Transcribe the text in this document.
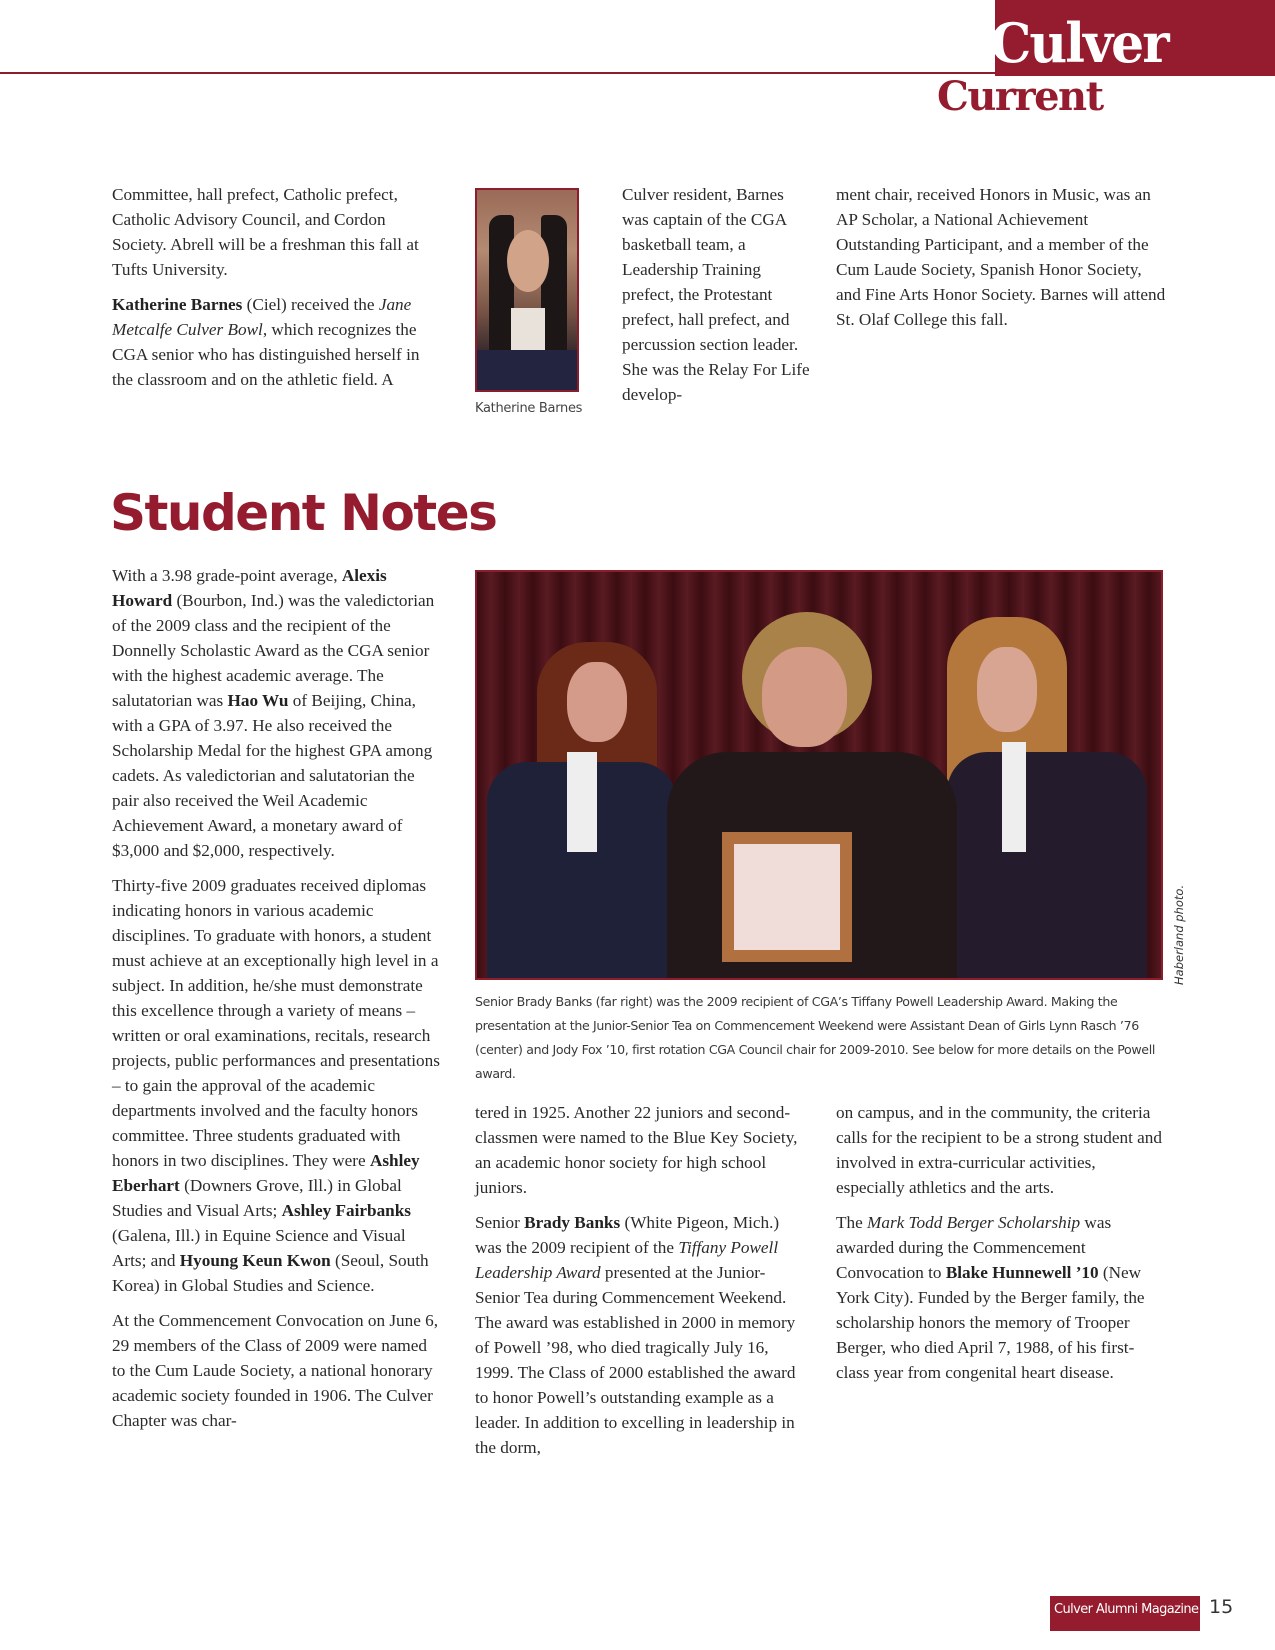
Culver
Current

Committee, hall prefect, Catholic prefect, Catholic Advisory Council, and Cordon Society. Abrell will be a freshman this fall at Tufts University.

Katherine Barnes (Ciel) received the Jane Metcalfe Culver Bowl, which recognizes the CGA senior who has distinguished herself in the classroom and on the athletic field. A

Katherine Barnes

Culver resident, Barnes was captain of the CGA basketball team, a Leadership Training prefect, the Protestant prefect, hall prefect, and percussion section leader. She was the Relay For Life develop-

ment chair, received Honors in Music, was an AP Scholar, a National Achievement Outstanding Participant, and a member of the Cum Laude Society, Spanish Honor Society, and Fine Arts Honor Society. Barnes will attend St. Olaf College this fall.

Student Notes

With a 3.98 grade-point average, Alexis Howard (Bourbon, Ind.) was the valedictorian of the 2009 class and the recipient of the Donnelly Scholastic Award as the CGA senior with the highest academic average. The salutatorian was Hao Wu of Beijing, China, with a GPA of 3.97. He also received the Scholarship Medal for the highest GPA among cadets. As valedictorian and salutatorian the pair also received the Weil Academic Achievement Award, a monetary award of $3,000 and $2,000, respectively.

Thirty-five 2009 graduates received diplomas indicating honors in various academic disciplines. To graduate with honors, a student must achieve at an exceptionally high level in a subject. In addition, he/she must demonstrate this excellence through a variety of means – written or oral examinations, recitals, research projects, public performances and presentations – to gain the approval of the academic departments involved and the faculty honors committee. Three students graduated with honors in two disciplines. They were Ashley Eberhart (Downers Grove, Ill.) in Global Studies and Visual Arts; Ashley Fairbanks (Galena, Ill.) in Equine Science and Visual Arts; and Hyoung Keun Kwon (Seoul, South Korea) in Global Studies and Science.

At the Commencement Convocation on June 6, 29 members of the Class of 2009 were named to the Cum Laude Society, a national honorary academic society founded in 1906. The Culver Chapter was char-

Haberland photo.
Senior Brady Banks (far right) was the 2009 recipient of CGA’s Tiffany Powell Leadership Award. Making the presentation at the Junior-Senior Tea on Commencement Weekend were Assistant Dean of Girls Lynn Rasch ’76 (center) and Jody Fox ’10, first rotation CGA Council chair for 2009-2010. See below for more details on the Powell award.

tered in 1925. Another 22 juniors and second-classmen were named to the Blue Key Society, an academic honor society for high school juniors.

Senior Brady Banks (White Pigeon, Mich.) was the 2009 recipient of the Tiffany Powell Leadership Award presented at the Junior-Senior Tea during Commencement Weekend. The award was established in 2000 in memory of Powell ’98, who died tragically July 16, 1999. The Class of 2000 established the award to honor Powell’s outstanding example as a leader. In addition to excelling in leadership in the dorm,

on campus, and in the community, the criteria calls for the recipient to be a strong student and involved in extra-curricular activities, especially athletics and the arts.

The Mark Todd Berger Scholarship was awarded during the Commencement Convocation to Blake Hunnewell ’10 (New York City). Funded by the Berger family, the scholarship honors the memory of Trooper Berger, who died April 7, 1988, of his first-class year from congenital heart disease.

Culver Alumni Magazine 15
